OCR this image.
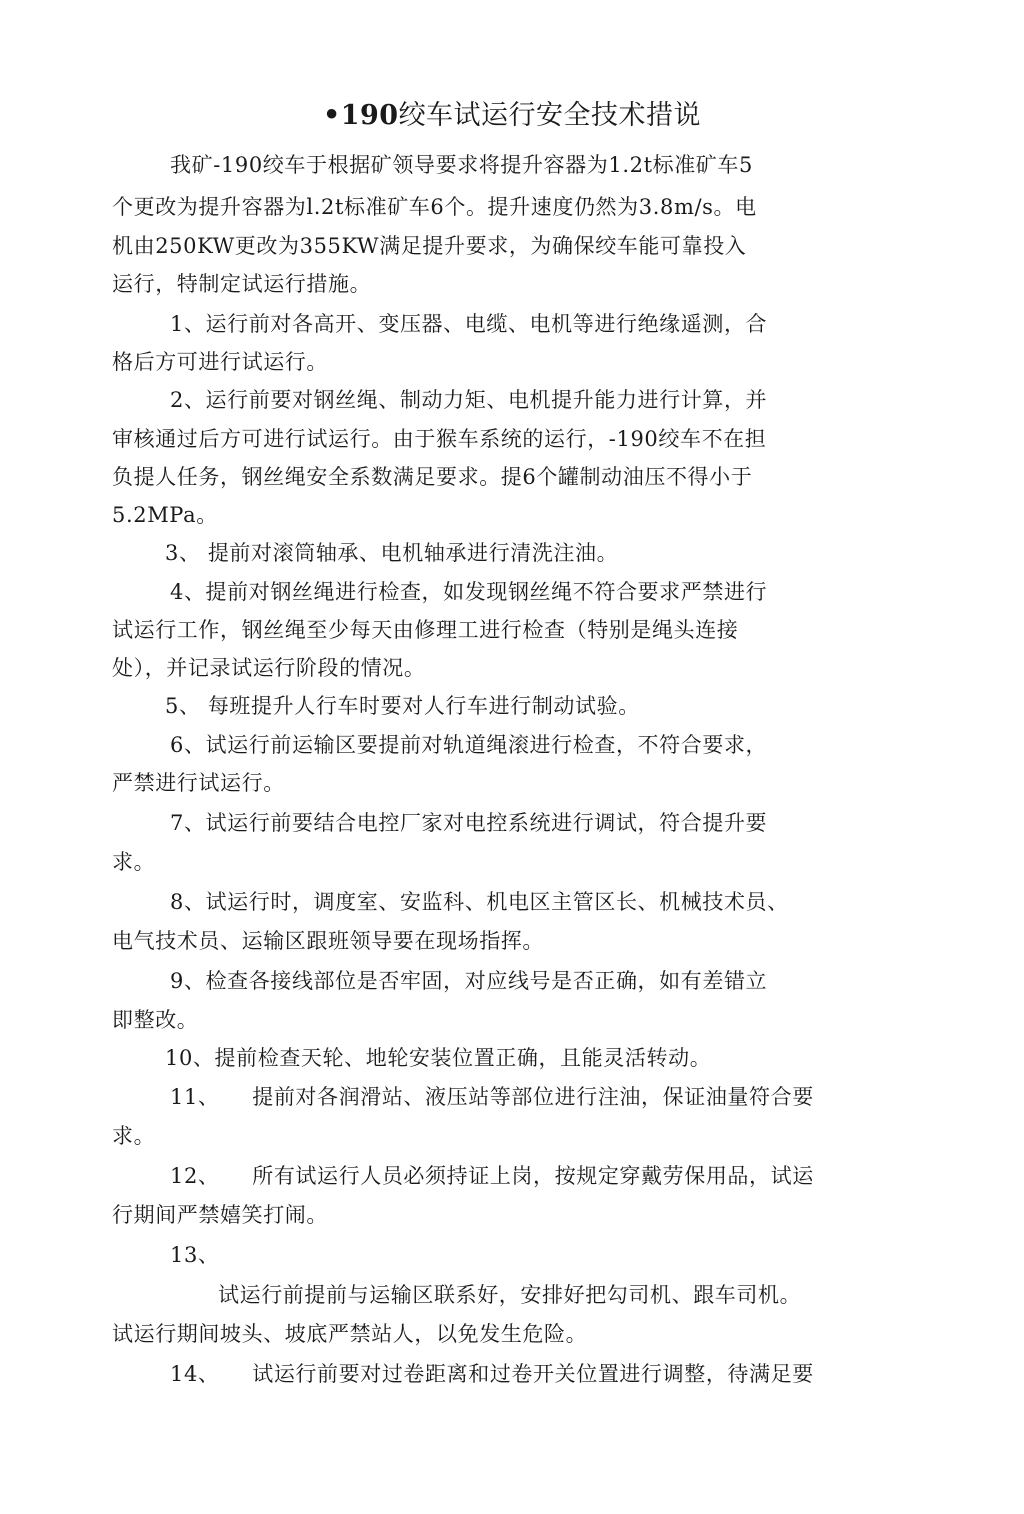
•190绞车试运行安全技术措说
我矿-190绞车于根据矿领导要求将提升容器为1.2t标准矿车5
个更改为提升容器为l.2t标准矿车6个。提升速度仍然为3.8m/s。电
机由250KW更改为355KW满足提升要求，为确保绞车能可靠投入
运行，特制定试运行措施。
1、运行前对各高开、变压器、电缆、电机等进行绝缘遥测，合
格后方可进行试运行。
2、运行前要对钢丝绳、制动力矩、电机提升能力进行计算，并
审核通过后方可进行试运行。由于猴车系统的运行，-190绞车不在担
负提人任务，钢丝绳安全系数满足要求。提6个罐制动油压不得小于
5.2MPa。
3、 提前对滚筒轴承、电机轴承进行清洗注油。
4、提前对钢丝绳进行检查，如发现钢丝绳不符合要求严禁进行
试运行工作，钢丝绳至少每天由修理工进行检查（特别是绳头连接
处），并记录试运行阶段的情况。
5、 每班提升人行车时要对人行车进行制动试验。
6、试运行前运输区要提前对轨道绳滚进行检查，不符合要求，
严禁进行试运行。
7、试运行前要结合电控厂家对电控系统进行调试，符合提升要
求。
8、试运行时，调度室、安监科、机电区主管区长、机械技术员、
电气技术员、运输区跟班领导要在现场指挥。
9、检查各接线部位是否牢固，对应线号是否正确，如有差错立
即整改。
10、提前检查天轮、地轮安装位置正确，且能灵活转动。
11、　　提前对各润滑站、液压站等部位进行注油，保证油量符合要
求。
12、　　所有试运行人员必须持证上岗，按规定穿戴劳保用品，试运
行期间严禁嬉笑打闹。
13、
试运行前提前与运输区联系好，安排好把勾司机、跟车司机。
试运行期间坡头、坡底严禁站人，以免发生危险。
14、　　试运行前要对过卷距离和过卷开关位置进行调整，待满足要
